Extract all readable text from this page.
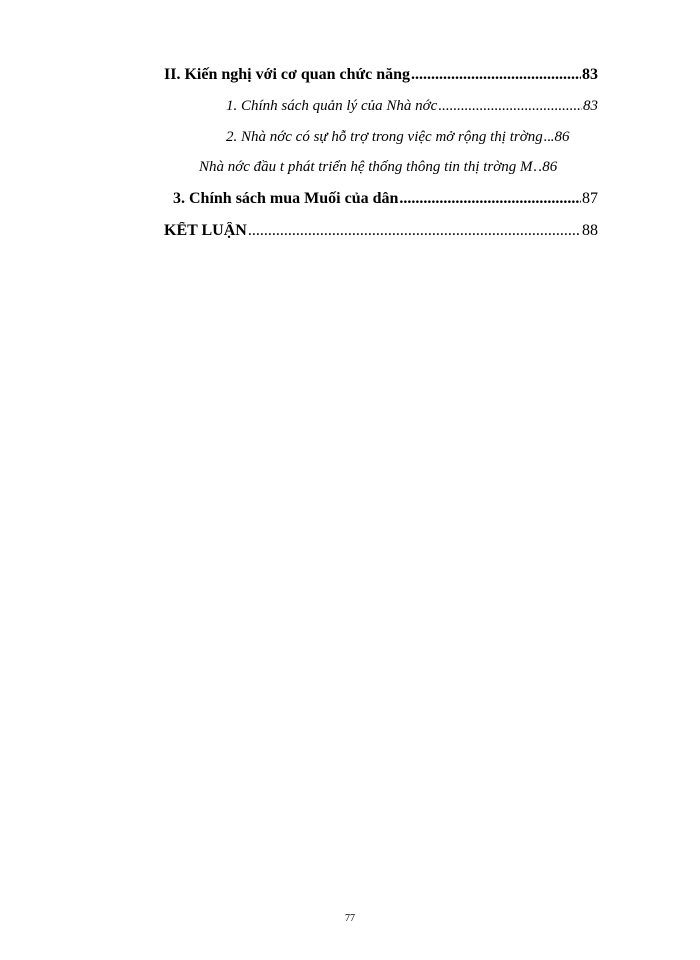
II. Kiến nghị với cơ quan chức năng .....	83
1. Chính sách quản lý của Nhà nớc .....	83
2. Nhà nớc có sự hỗ trợ trong việc mở rộng thị trờng ..... .86
Nhà nớc đầu t phát triển hệ thống thông tin thị trờng M ..... .86
3. Chính sách mua Muối của dân .....	87
KẾT LUẬN .....	88
77
